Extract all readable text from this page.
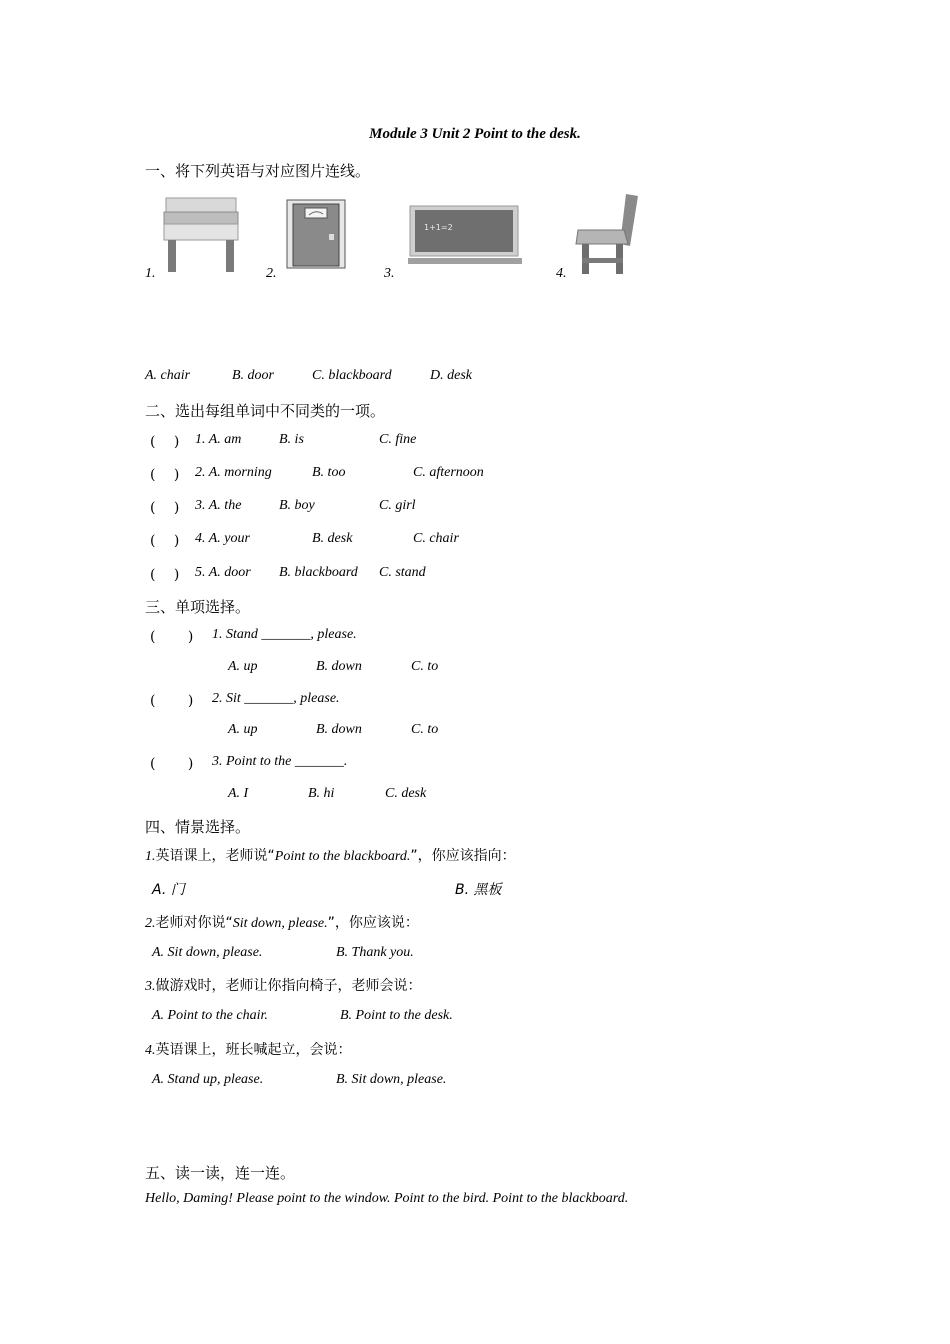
Module 3 Unit 2 Point to the desk.
一、将下列英语与对应图片连线。
1.	2.	3.
1+1=2
4.
A. chair	B. door	C. blackboard	D. desk
二、选出每组单词中不同类的一项。
(　 ) 1. A. am	B. is	C. fine
(　 ) 2. A. morning	B. too	C. afternoon
(　 ) 3. A. the	B. boy	C. girl
(　 ) 4. A. your	B. desk	C. chair
(　 ) 5. A. door B. blackboard C. stand
三、单项选择。
(　　 ) 1. Stand _______, please.
A. up	B. down	C. to
(　　 ) 2. Sit _______, please.
A. up	B. down	C. to
(　　 ) 3. Point to the _______.
A. I	B. hi	C. desk
四、情景选择。
1.英语课上，老师说“Point to the blackboard.”，你应该指向：
A. 门	B. 黑板
2.老师对你说“Sit down, please.”，你应该说：
A. Sit down, please.	B. Thank you.
3.做游戏时，老师让你指向椅子，老师会说：
A. Point to the chair.	B. Point to the desk.
4.英语课上，班长喊起立，会说：
A. Stand up, please.	B. Sit down, please.
五、读一读，连一连。
Hello, Daming! Please point to the window. Point to the bird. Point to the blackboard.
